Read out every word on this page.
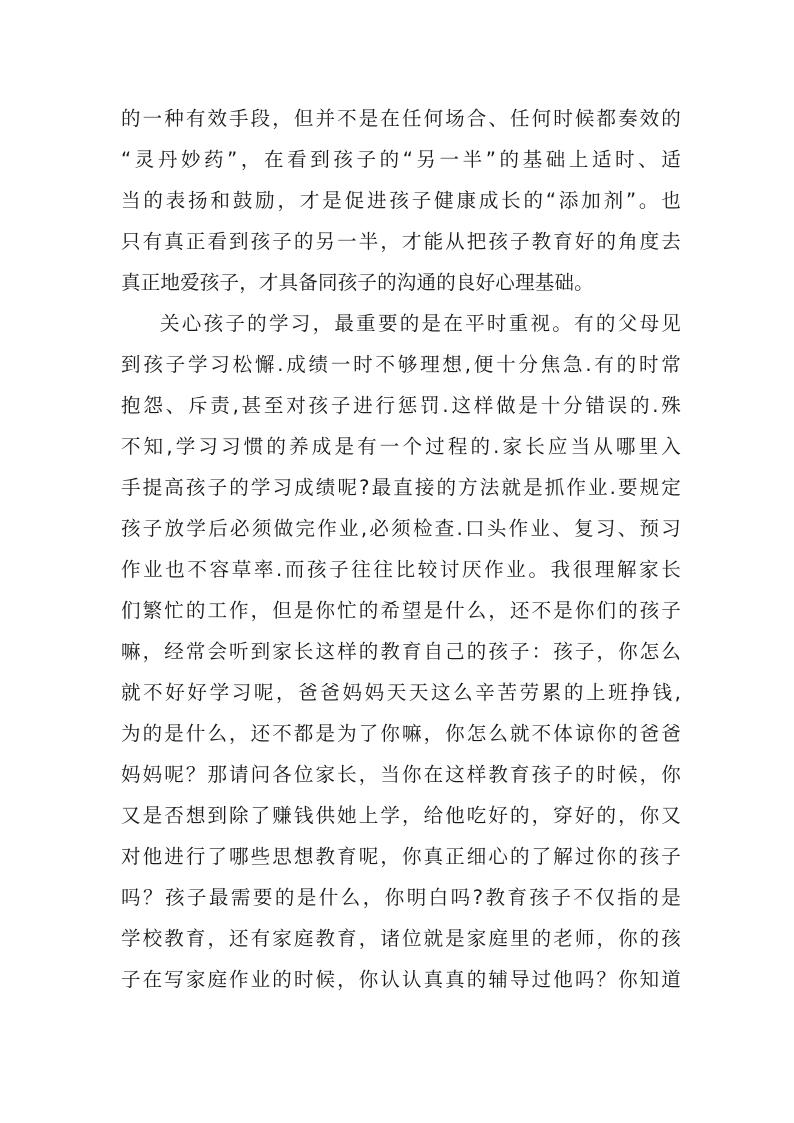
的一种有效手段，但并不是在任何场合、任何时候都奏效的
“灵丹妙药”，在看到孩子的“另一半”的基础上适时、适
当的表扬和鼓励，才是促进孩子健康成长的“添加剂”。也
只有真正看到孩子的另一半，才能从把孩子教育好的角度去
真正地爱孩子，才具备同孩子的沟通的良好心理基础。
关心孩子的学习，最重要的是在平时重视。有的父母见
到孩子学习松懈.成绩一时不够理想,便十分焦急.有的时常
抱怨、斥责,甚至对孩子进行惩罚.这样做是十分错误的.殊
不知,学习习惯的养成是有一个过程的.家长应当从哪里入
手提高孩子的学习成绩呢?最直接的方法就是抓作业.要规定
孩子放学后必须做完作业,必须检查.口头作业、复习、预习
作业也不容草率.而孩子往往比较讨厌作业。我很理解家长
们繁忙的工作，但是你忙的希望是什么，还不是你们的孩子
嘛，经常会听到家长这样的教育自己的孩子：孩子，你怎么
就不好好学习呢，爸爸妈妈天天这么辛苦劳累的上班挣钱,
为的是什么，还不都是为了你嘛，你怎么就不体谅你的爸爸
妈妈呢？那请问各位家长，当你在这样教育孩子的时候，你
又是否想到除了赚钱供她上学，给他吃好的，穿好的，你又
对他进行了哪些思想教育呢，你真正细心的了解过你的孩子
吗？孩子最需要的是什么，你明白吗?教育孩子不仅指的是
学校教育，还有家庭教育，诸位就是家庭里的老师，你的孩
子在写家庭作业的时候，你认认真真的辅导过他吗？你知道
